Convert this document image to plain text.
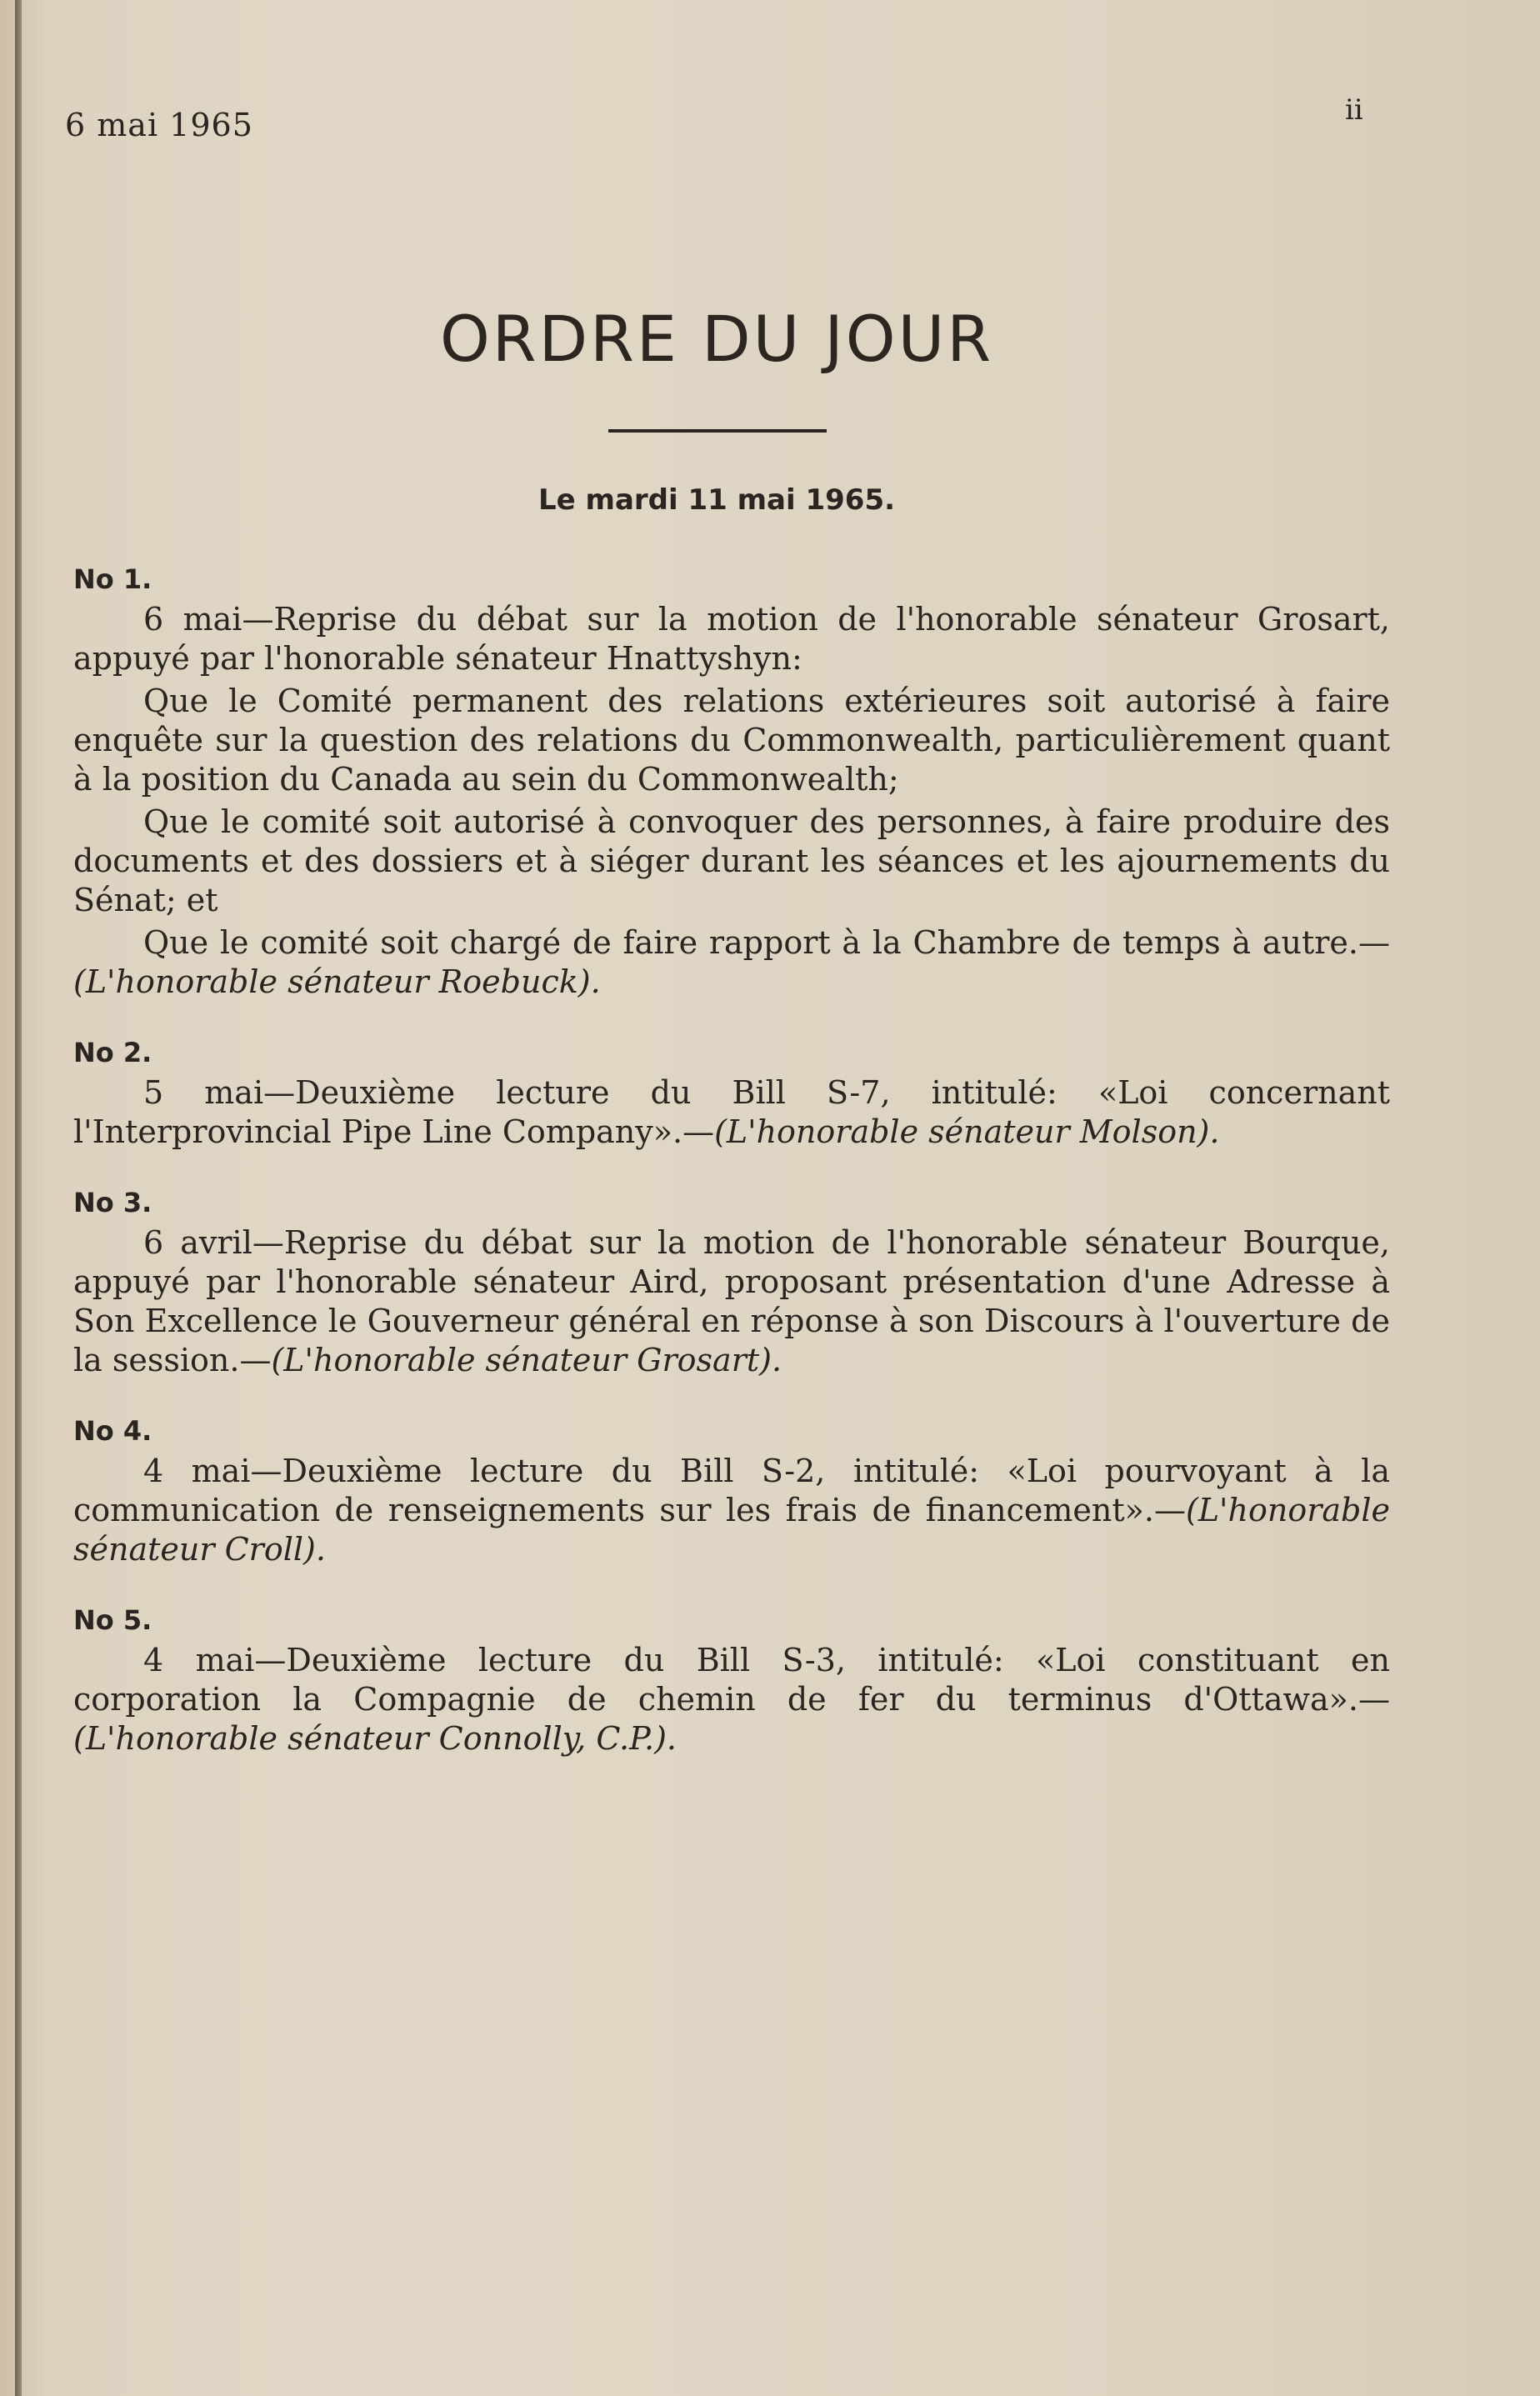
6 mai 1965	ii
ORDRE DU JOUR
Le mardi 11 mai 1965.
No 1.

6 mai—Reprise du débat sur la motion de l'honorable sénateur Grosart, appuyé par l'honorable sénateur Hnattyshyn:

Que le Comité permanent des relations extérieures soit autorisé à faire enquête sur la question des relations du Commonwealth, particulièrement quant à la position du Canada au sein du Commonwealth;

Que le comité soit autorisé à convoquer des personnes, à faire produire des documents et des dossiers et à siéger durant les séances et les ajournements du Sénat; et

Que le comité soit chargé de faire rapport à la Chambre de temps à autre.—(L'honorable sénateur Roebuck).

No 2.

5 mai—Deuxième lecture du Bill S-7, intitulé: «Loi concernant l'Interprovincial Pipe Line Company».—(L'honorable sénateur Molson).

No 3.

6 avril—Reprise du débat sur la motion de l'honorable sénateur Bourque, appuyé par l'honorable sénateur Aird, proposant présentation d'une Adresse à Son Excellence le Gouverneur général en réponse à son Discours à l'ouverture de la session.—(L'honorable sénateur Grosart).

No 4.

4 mai—Deuxième lecture du Bill S-2, intitulé: «Loi pourvoyant à la communication de renseignements sur les frais de financement».—(L'honorable sénateur Croll).

No 5.

4 mai—Deuxième lecture du Bill S-3, intitulé: «Loi constituant en corporation la Compagnie de chemin de fer du terminus d'Ottawa».—(L'honorable sénateur Connolly, C.P.).
